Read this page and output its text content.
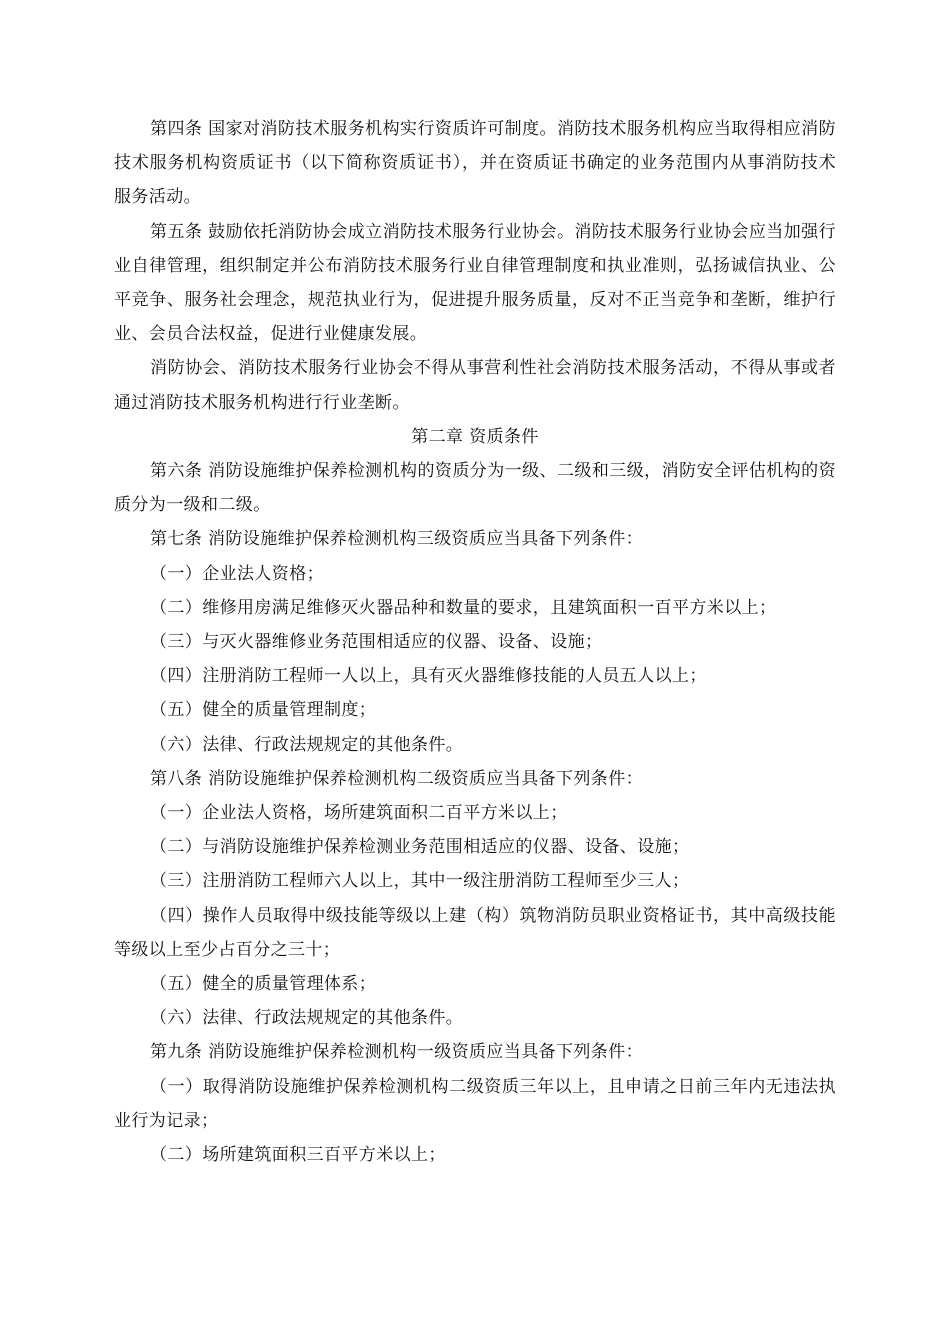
第四条 国家对消防技术服务机构实行资质许可制度。消防技术服务机构应当取得相应消防技术服务机构资质证书（以下简称资质证书），并在资质证书确定的业务范围内从事消防技术服务活动。

第五条 鼓励依托消防协会成立消防技术服务行业协会。消防技术服务行业协会应当加强行业自律管理，组织制定并公布消防技术服务行业自律管理制度和执业准则，弘扬诚信执业、公平竞争、服务社会理念，规范执业行为，促进提升服务质量，反对不正当竞争和垄断，维护行业、会员合法权益，促进行业健康发展。

消防协会、消防技术服务行业协会不得从事营利性社会消防技术服务活动，不得从事或者通过消防技术服务机构进行行业垄断。

第二章 资质条件

第六条 消防设施维护保养检测机构的资质分为一级、二级和三级，消防安全评估机构的资质分为一级和二级。

第七条 消防设施维护保养检测机构三级资质应当具备下列条件：

（一）企业法人资格；

（二）维修用房满足维修灭火器品种和数量的要求，且建筑面积一百平方米以上；

（三）与灭火器维修业务范围相适应的仪器、设备、设施；

（四）注册消防工程师一人以上，具有灭火器维修技能的人员五人以上；

（五）健全的质量管理制度；

（六）法律、行政法规规定的其他条件。

第八条 消防设施维护保养检测机构二级资质应当具备下列条件：

（一）企业法人资格，场所建筑面积二百平方米以上；

（二）与消防设施维护保养检测业务范围相适应的仪器、设备、设施；

（三）注册消防工程师六人以上，其中一级注册消防工程师至少三人；

（四）操作人员取得中级技能等级以上建（构）筑物消防员职业资格证书，其中高级技能等级以上至少占百分之三十；

（五）健全的质量管理体系；

（六）法律、行政法规规定的其他条件。

第九条 消防设施维护保养检测机构一级资质应当具备下列条件：

（一）取得消防设施维护保养检测机构二级资质三年以上，且申请之日前三年内无违法执业行为记录；

（二）场所建筑面积三百平方米以上；
